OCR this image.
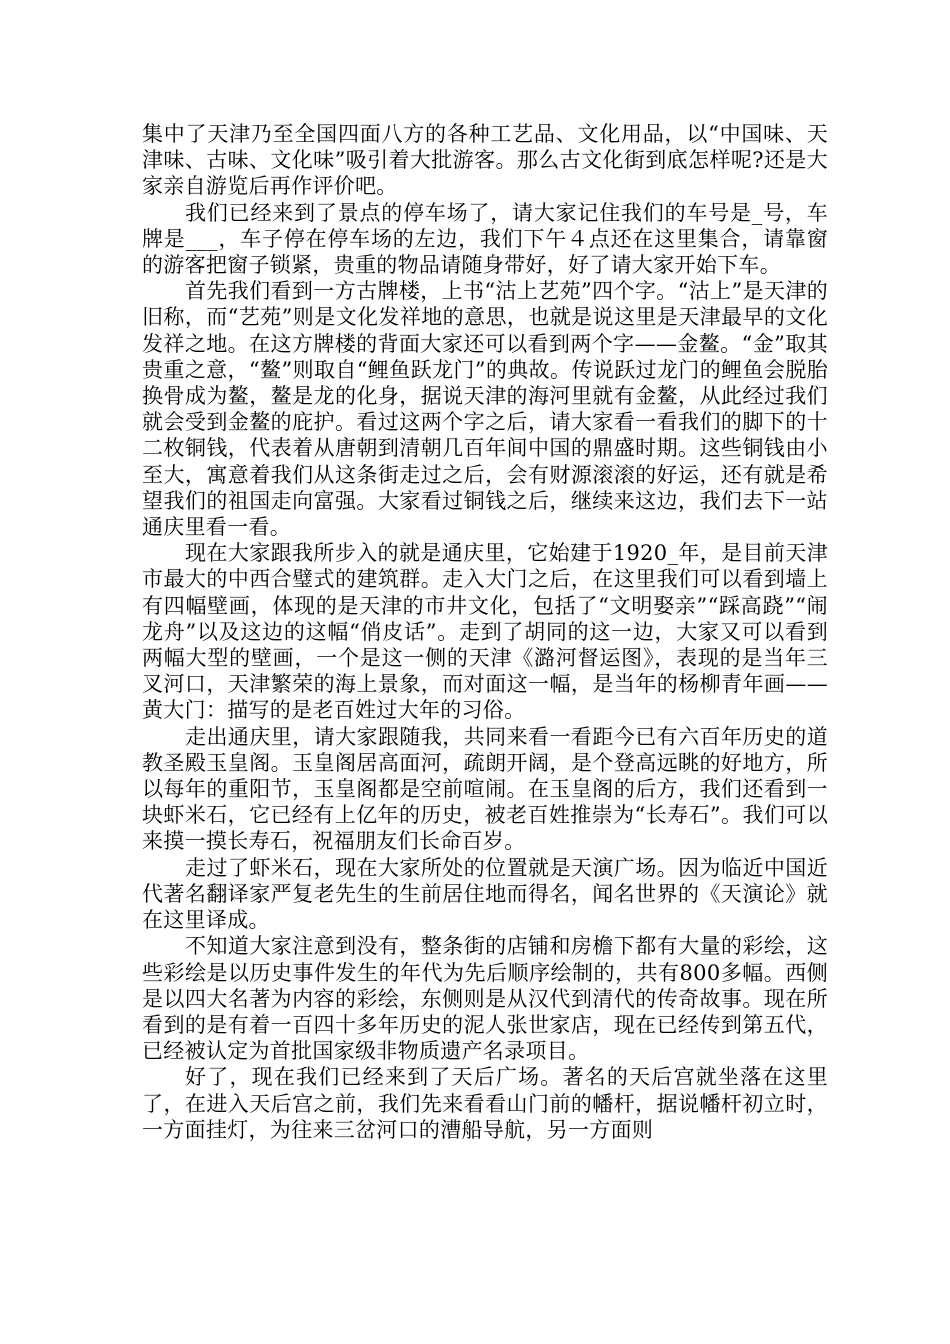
集中了天津乃至全国四面八方的各种工艺品、文化用品，以“中国味、天津味、古味、文化味”吸引着大批游客。那么古文化街到底怎样呢?还是大家亲自游览后再作评价吧。

我们已经来到了景点的停车场了，请大家记住我们的车号是_号，车牌是___，车子停在停车场的左边，我们下午４点还在这里集合，请靠窗的游客把窗子锁紧，贵重的物品请随身带好，好了请大家开始下车。

首先我们看到一方古牌楼，上书“沽上艺苑”四个字。“沽上”是天津的旧称，而“艺苑”则是文化发祥地的意思，也就是说这里是天津最早的文化发祥之地。在这方牌楼的背面大家还可以看到两个字——金鳌。“金”取其贵重之意，“鳌”则取自“鲤鱼跃龙门”的典故。传说跃过龙门的鲤鱼会脱胎换骨成为鳌，鳌是龙的化身，据说天津的海河里就有金鳌，从此经过我们就会受到金鳌的庇护。看过这两个字之后，请大家看一看我们的脚下的十二枚铜钱，代表着从唐朝到清朝几百年间中国的鼎盛时期。这些铜钱由小至大，寓意着我们从这条街走过之后，会有财源滚滚的好运，还有就是希望我们的祖国走向富强。大家看过铜钱之后，继续来这边，我们去下一站通庆里看一看。

现在大家跟我所步入的就是通庆里，它始建于1920_年，是目前天津市最大的中西合璧式的建筑群。走入大门之后，在这里我们可以看到墙上有四幅壁画，体现的是天津的市井文化，包括了“文明娶亲”“踩高跷”“闹龙舟”以及这边的这幅“俏皮话”。走到了胡同的这一边，大家又可以看到两幅大型的壁画，一个是这一侧的天津《潞河督运图》，表现的是当年三叉河口，天津繁荣的海上景象，而对面这一幅，是当年的杨柳青年画——黄大门：描写的是老百姓过大年的习俗。

走出通庆里，请大家跟随我，共同来看一看距今已有六百年历史的道教圣殿玉皇阁。玉皇阁居高面河，疏朗开阔，是个登高远眺的好地方，所以每年的重阳节，玉皇阁都是空前喧闹。在玉皇阁的后方，我们还看到一块虾米石，它已经有上亿年的历史，被老百姓推崇为“长寿石”。我们可以来摸一摸长寿石，祝福朋友们长命百岁。

走过了虾米石，现在大家所处的位置就是天演广场。因为临近中国近代著名翻译家严复老先生的生前居住地而得名，闻名世界的《天演论》就在这里译成。

不知道大家注意到没有，整条街的店铺和房檐下都有大量的彩绘，这些彩绘是以历史事件发生的年代为先后顺序绘制的，共有800多幅。西侧是以四大名著为内容的彩绘，东侧则是从汉代到清代的传奇故事。现在所看到的是有着一百四十多年历史的泥人张世家店，现在已经传到第五代，已经被认定为首批国家级非物质遗产名录项目。

好了，现在我们已经来到了天后广场。著名的天后宫就坐落在这里了，在进入天后宫之前，我们先来看看山门前的幡杆，据说幡杆初立时，一方面挂灯，为往来三岔河口的漕船导航，另一方面则
